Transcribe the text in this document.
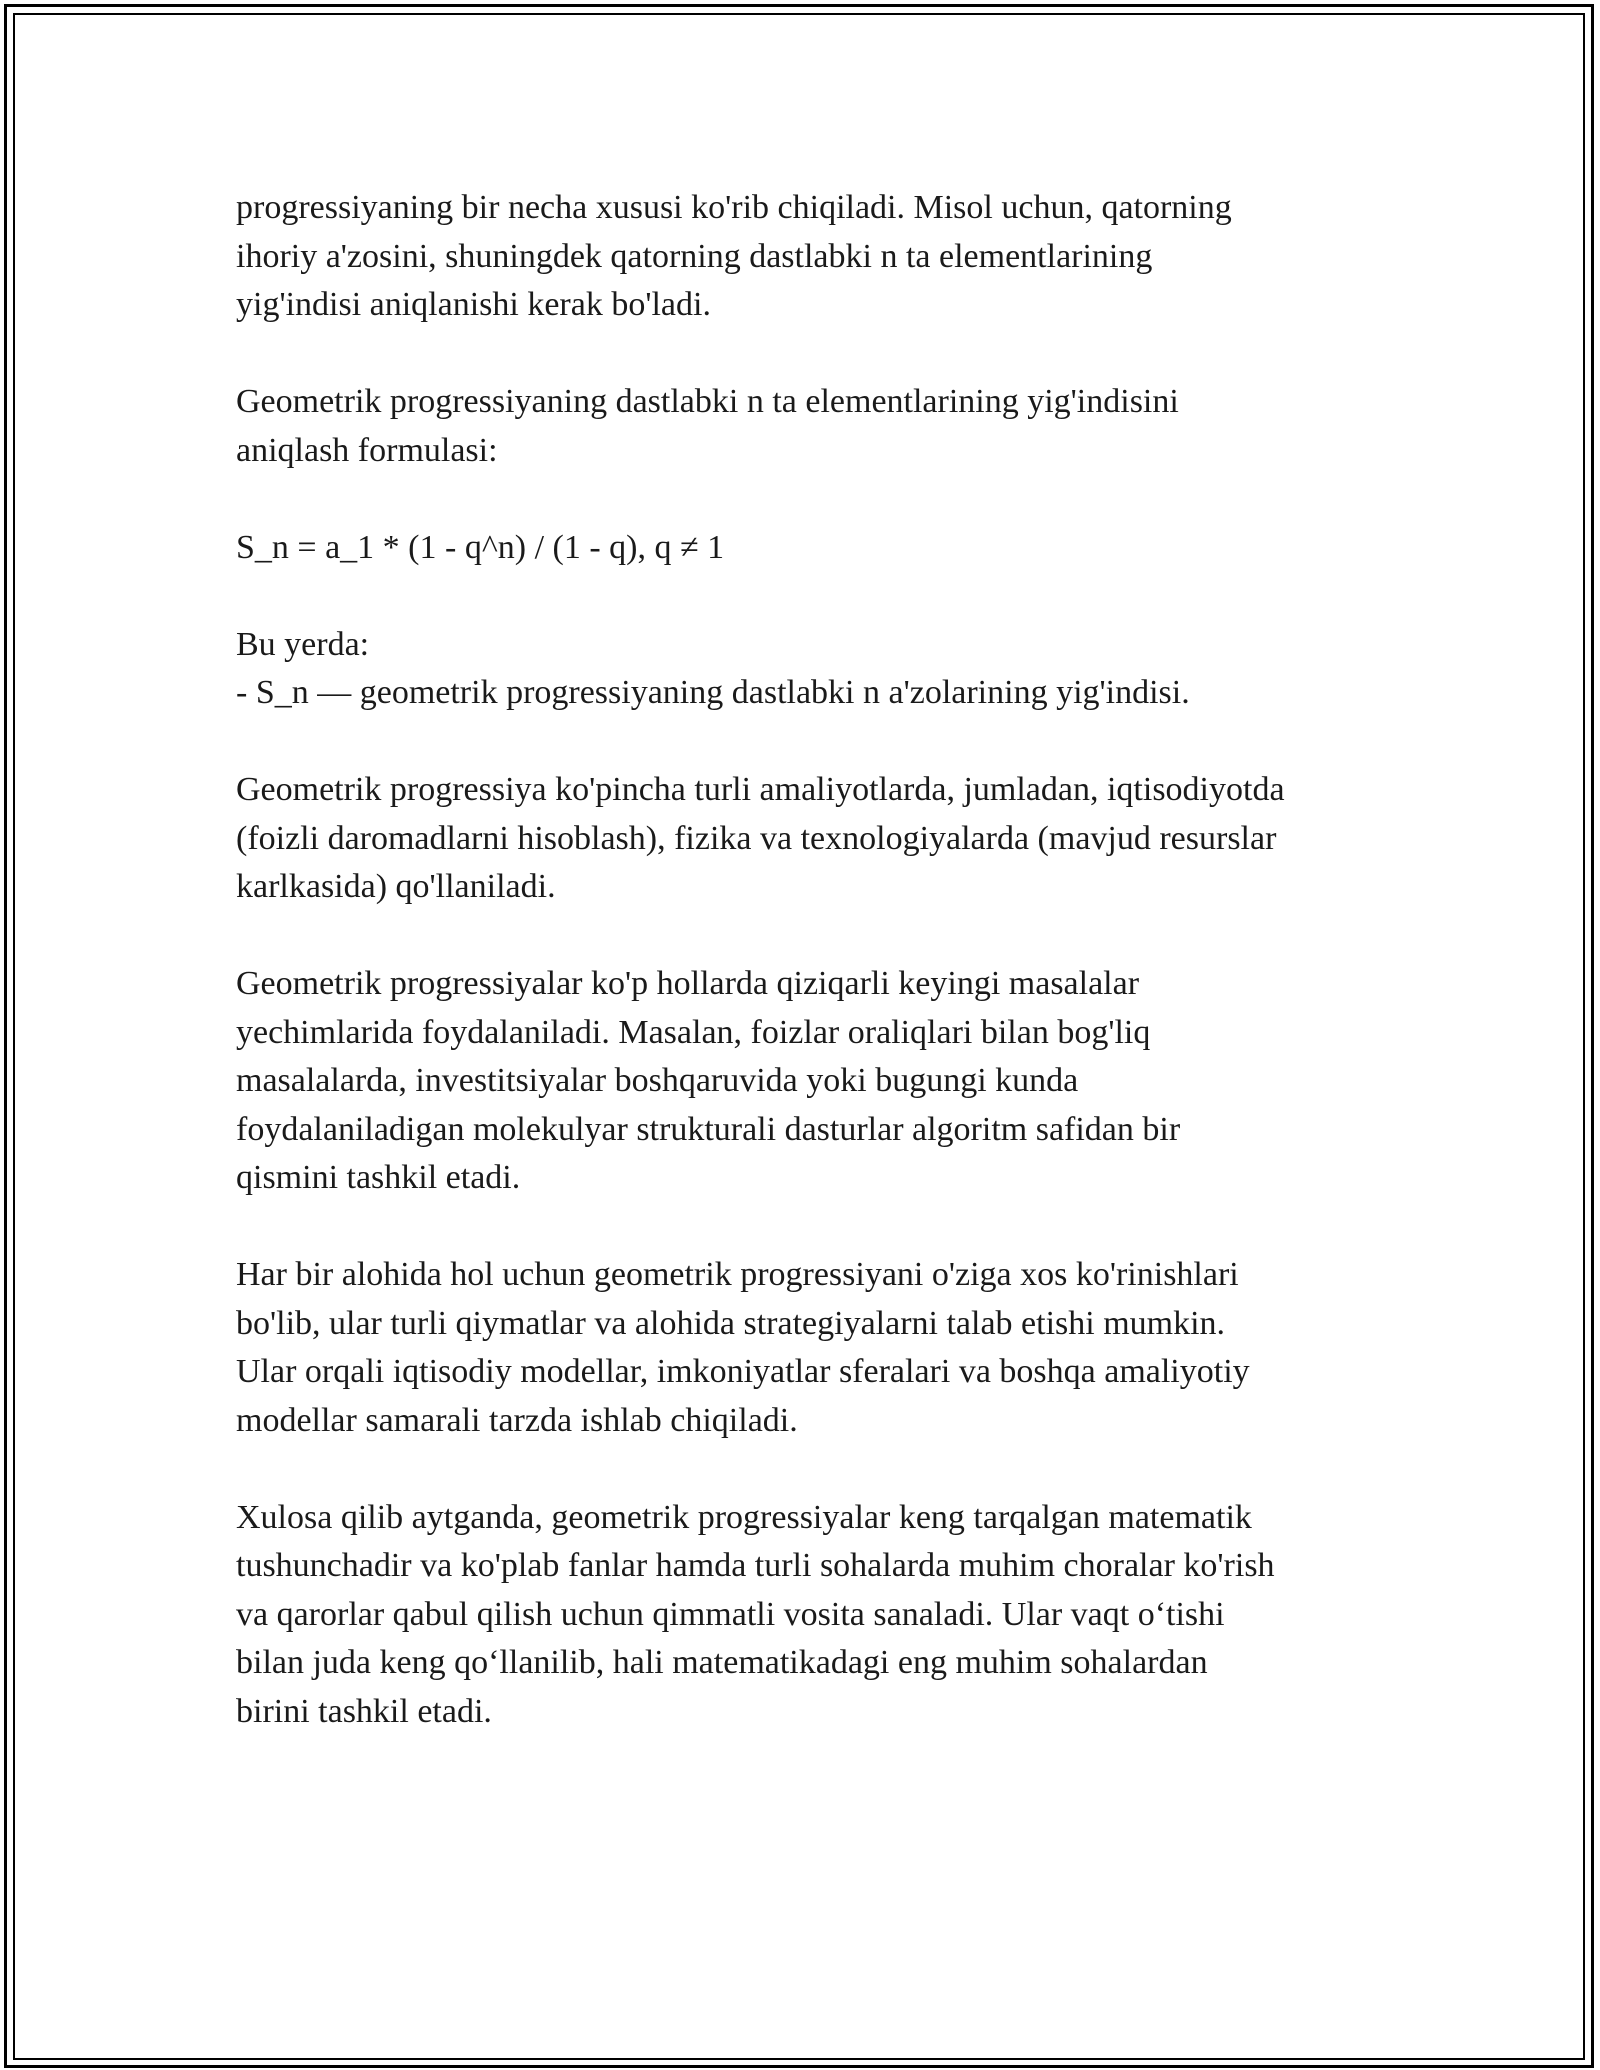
progressiyaning bir necha xususi ko'rib chiqiladi. Misol uchun, qatorning
ihoriy a'zosini, shuningdek qatorning dastlabki n ta elementlarining
yig'indisi aniqlanishi kerak bo'ladi.

Geometrik progressiyaning dastlabki n ta elementlarining yig'indisini
aniqlash formulasi:

S_n = a_1 * (1 - q^n) / (1 - q), q ≠ 1

Bu yerda:
- S_n — geometrik progressiyaning dastlabki n a'zolarining yig'indisi.

Geometrik progressiya ko'pincha turli amaliyotlarda, jumladan, iqtisodiyotda
(foizli daromadlarni hisoblash), fizika va texnologiyalarda (mavjud resurslar
karlkasida) qo'llaniladi.

Geometrik progressiyalar ko'p hollarda qiziqarli keyingi masalalar
yechimlarida foydalaniladi. Masalan, foizlar oraliqlari bilan bog'liq
masalalarda, investitsiyalar boshqaruvida yoki bugungi kunda
foydalaniladigan molekulyar strukturali dasturlar algoritm safidan bir
qismini tashkil etadi.

Har bir alohida hol uchun geometrik progressiyani o'ziga xos ko'rinishlari
bo'lib, ular turli qiymatlar va alohida strategiyalarni talab etishi mumkin.
Ular orqali iqtisodiy modellar, imkoniyatlar sferalari va boshqa amaliyotiy
modellar samarali tarzda ishlab chiqiladi.

Xulosa qilib aytganda, geometrik progressiyalar keng tarqalgan matematik
tushunchadir va ko'plab fanlar hamda turli sohalarda muhim choralar ko'rish
va qarorlar qabul qilish uchun qimmatli vosita sanaladi. Ular vaqt oʻtishi
bilan juda keng qoʻllanilib, hali matematikadagi eng muhim sohalardan
birini tashkil etadi.
